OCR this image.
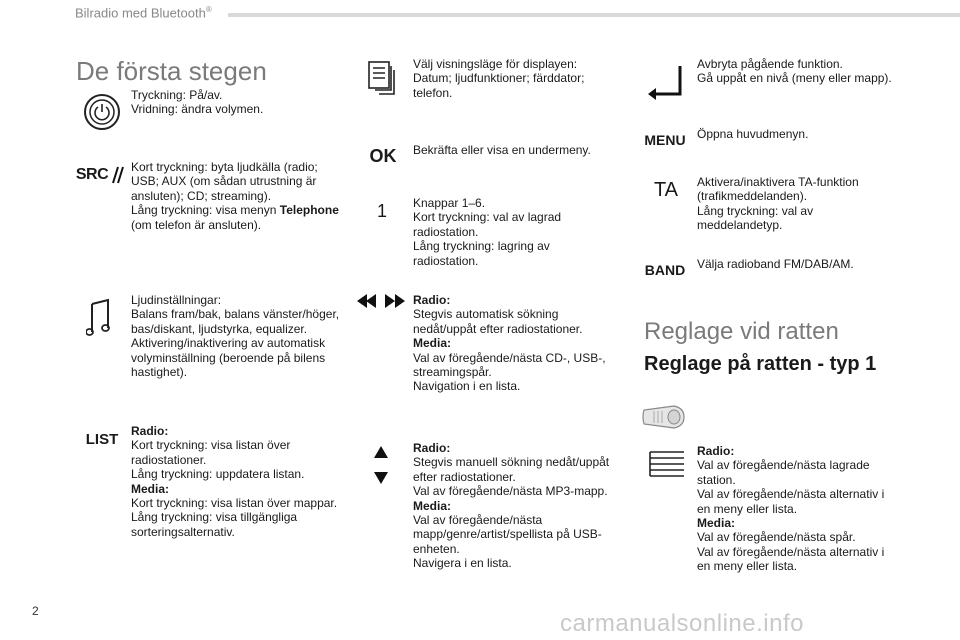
Bilradio med Bluetooth®
De första stegen
Tryckning: På/av.
Vridning: ändra volymen.
SRC Kort tryckning: byta ljudkälla (radio; USB; AUX (om sådan utrustning är ansluten); CD; streaming).
Lång tryckning: visa menyn Telephone (om telefon är ansluten).
Ljudinställningar:
Balans fram/bak, balans vänster/höger, bas/diskant, ljudstyrka, equalizer.
Aktivering/inaktivering av automatisk volyminställning (beroende på bilens hastighet).
LIST Radio:
Kort tryckning: visa listan över radiostationer.
Lång tryckning: uppdatera listan.
Media:
Kort tryckning: visa listan över mappar.
Lång tryckning: visa tillgängliga sorteringsalternativ.
Välj visningsläge för displayen:
Datum; ljudfunktioner; färddator; telefon.
OK Bekräfta eller visa en undermeny.
1 Knappar 1–6.
Kort tryckning: val av lagrad radiostation.
Lång tryckning: lagring av radiostation.
Radio:
Stegvis automatisk sökning nedåt/uppåt efter radiostationer.
Media:
Val av föregående/nästa CD-, USB-, streamingspår.
Navigation i en lista.
Radio:
Stegvis manuell sökning nedåt/uppåt efter radiostationer.
Val av föregående/nästa MP3-mapp.
Media:
Val av föregående/nästa mapp/genre/artist/spellista på USB-enheten.
Navigera i en lista.
Avbryta pågående funktion.
Gå uppåt en nivå (meny eller mapp).
MENU Öppna huvudmenyn.
TA Aktivera/inaktivera TA-funktion (trafikmeddelanden).
Lång tryckning: val av meddelandetyp.
BAND Välja radioband FM/DAB/AM.
Reglage vid ratten
Reglage på ratten - typ 1
Radio:
Val av föregående/nästa lagrade station.
Val av föregående/nästa alternativ i en meny eller lista.
Media:
Val av föregående/nästa spår.
Val av föregående/nästa alternativ i en meny eller lista.
2	carmanualsonline.info
